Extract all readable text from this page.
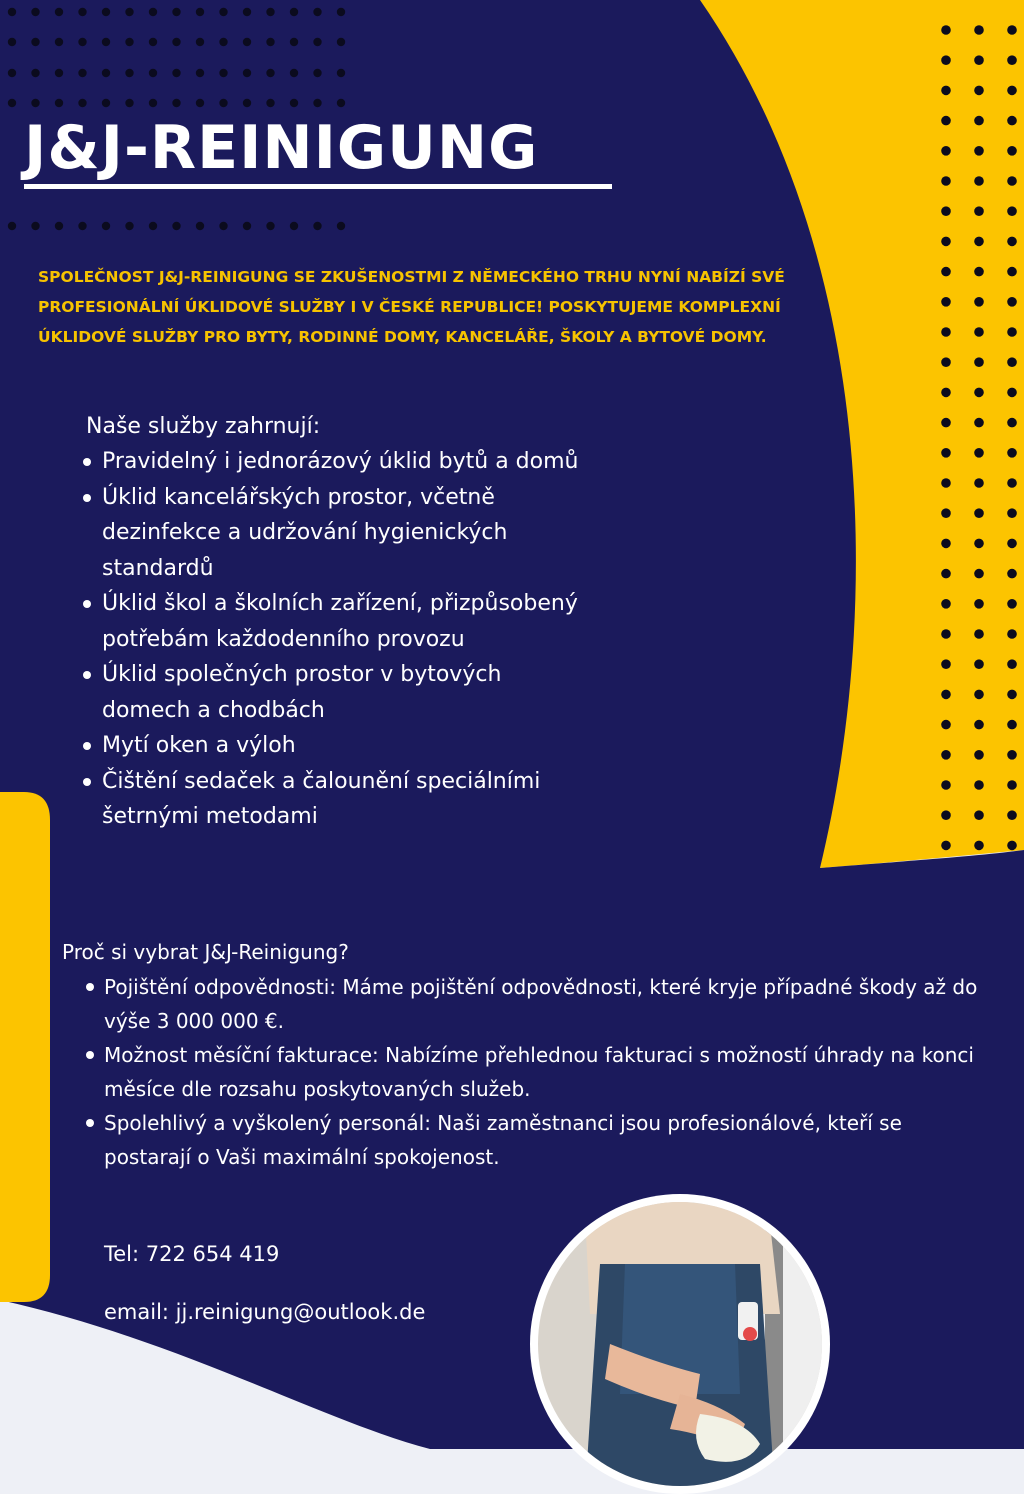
J&J-REINIGUNG

SPOLEČNOST J&J-REINIGUNG SE ZKUŠENOSTMI Z NĚMECKÉHO TRHU NYNÍ NABÍZÍ SVÉ PROFESIONÁLNÍ ÚKLIDOVÉ SLUŽBY I V ČESKÉ REPUBLICE! POSKYTUJEME KOMPLEXNÍ ÚKLIDOVÉ SLUŽBY PRO BYTY, RODINNÉ DOMY, KANCELÁŘE, ŠKOLY A BYTOVÉ DOMY.

Naše služby zahrnují:

Pravidelný i jednorázový úklid bytů a domů
Úklid kancelářských prostor, včetně dezinfekce a udržování hygienických standardů
Úklid škol a školních zařízení, přizpůsobený potřebám každodenního provozu
Úklid společných prostor v bytových domech a chodbách
Mytí oken a výloh
Čištění sedaček a čalounění speciálními šetrnými metodami

Proč si vybrat J&J-Reinigung?

Pojištění odpovědnosti: Máme pojištění odpovědnosti, které kryje případné škody až do výše 3 000 000 €.
Možnost měsíční fakturace: Nabízíme přehlednou fakturaci s možností úhrady na konci měsíce dle rozsahu poskytovaných služeb.
Spolehlivý a vyškolený personál: Naši zaměstnanci jsou profesionálové, kteří se postarají o Vaši maximální spokojenost.

Tel: 722 654 419

email: jj.reinigung@outlook.de
